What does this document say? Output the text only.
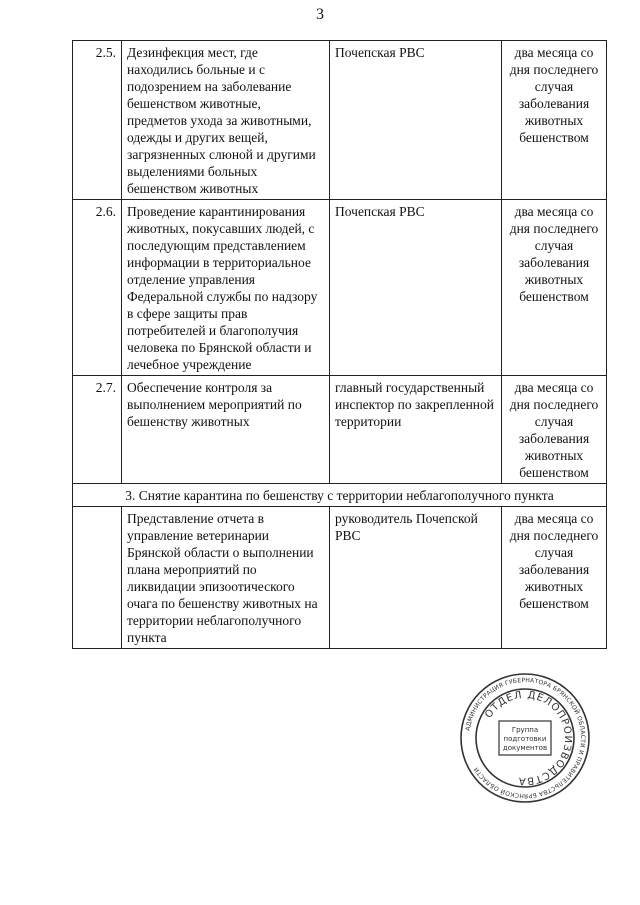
3
2.5.	Дезинфекция мест, где находились больные и с подозрением на заболевание бешенством животные, предметов ухода за животными, одежды и других вещей, загрязненных слюной и другими выделениями больных бешенством животных	Почепская РВС	два месяца со дня последнего случая заболевания животных бешенством
2.6.	Проведение карантинирования животных, покусавших людей, с последующим представлением информации в территориальное отделение управления Федеральной службы по надзору в сфере защиты прав потребителей и благополучия человека по Брянской области и лечебное учреждение	Почепская РВС	два месяца со дня последнего случая заболевания животных бешенством
2.7.	Обеспечение контроля за выполнением мероприятий по бешенству животных	главный государственный инспектор по закрепленной территории	два месяца со дня последнего случая заболевания животных бешенством
3. Снятие карантина по бешенству с территории неблагополучного пункта			
	Представление отчета в управление ветеринарии Брянской области о выполнении плана мероприятий по ликвидации эпизоотического очага по бешенству животных на территории неблагополучного пункта	руководитель Почепской РВС	два месяца со дня последнего случая заболевания животных бешенством
АДМИНИСТРАЦИЯ ГУБЕРНАТОРА БРЯНСКОЙ ОБЛАСТИ И ПРАВИТЕЛЬСТВА БРЯНСКОЙ ОБЛАСТИ
ОТДЕЛ ДЕЛОПРОИЗВОДСТВА
Группа
подготовки
документов
